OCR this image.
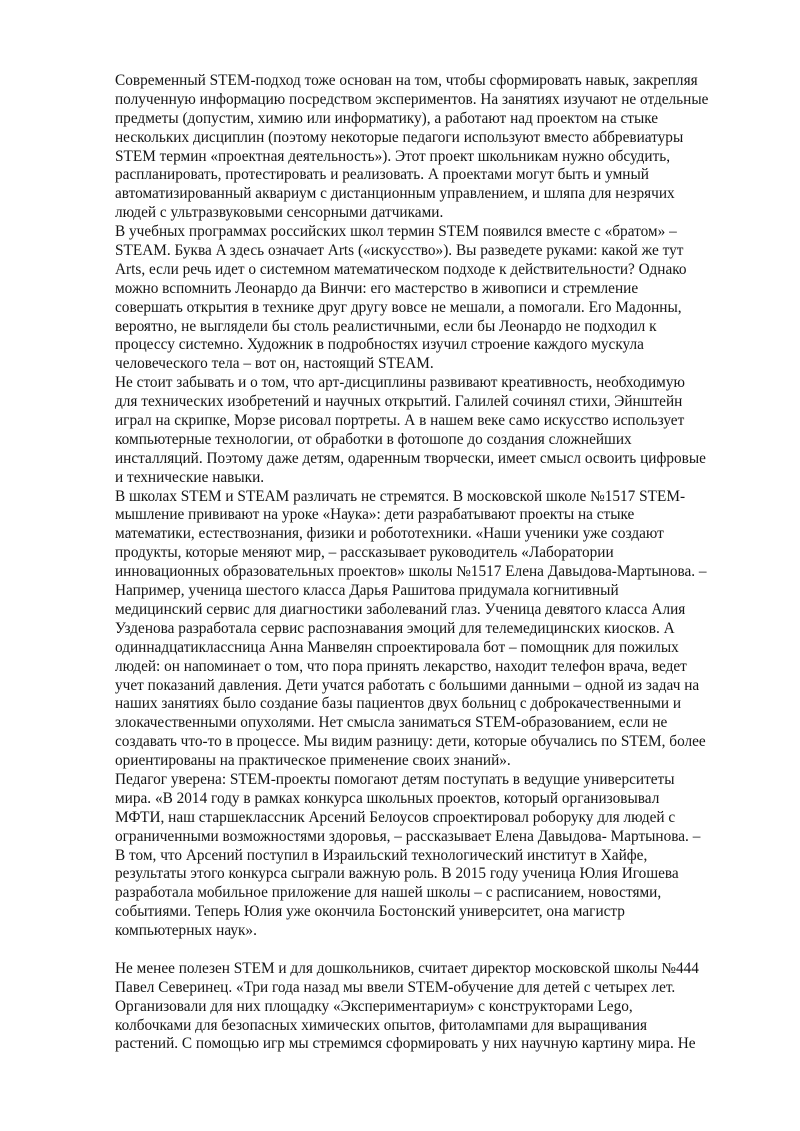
Современный STEM-подход тоже основан на том, чтобы сформировать навык, закрепляя
полученную информацию посредством экспериментов. На занятиях изучают не отдельные
предметы (допустим, химию или информатику), а работают над проектом на стыке
нескольких дисциплин (поэтому некоторые педагоги используют вместо аббревиатуры
STEM термин «проектная деятельность»). Этот проект школьникам нужно обсудить,
распланировать, протестировать и реализовать. А проектами могут быть и умный
автоматизированный аквариум с дистанционным управлением, и шляпа для незрячих
людей с ультразвуковыми сенсорными датчиками.
В учебных программах российских школ термин STEM появился вместе с «братом» –
STEAM. Буква A здесь означает Arts («искусство»). Вы разведете руками: какой же тут
Arts, если речь идет о системном математическом подходе к действительности? Однако
можно вспомнить Леонардо да Винчи: его мастерство в живописи и стремление
совершать открытия в технике друг другу вовсе не мешали, а помогали. Его Мадонны,
вероятно, не выглядели бы столь реалистичными, если бы Леонардо не подходил к
процессу системно. Художник в подробностях изучил строение каждого мускула
человеческого тела – вот он, настоящий STEAM.
Не стоит забывать и о том, что арт-дисциплины развивают креативность, необходимую
для технических изобретений и научных открытий. Галилей сочинял стихи, Эйнштейн
играл на скрипке, Морзе рисовал портреты. А в нашем веке само искусство использует
компьютерные технологии, от обработки в фотошопе до создания сложнейших
инсталляций. Поэтому даже детям, одаренным творчески, имеет смысл освоить цифровые
и технические навыки.
В школах STEM и STEAM различать не стремятся. В московской школе №1517 STEM-
мышление прививают на уроке «Наука»: дети разрабатывают проекты на стыке
математики, естествознания, физики и робототехники. «Наши ученики уже создают
продукты, которые меняют мир, – рассказывает руководитель «Лаборатории
инновационных образовательных проектов» школы №1517 Елена Давыдова-Мартынова. –
Например, ученица шестого класса Дарья Рашитова придумала когнитивный
медицинский сервис для диагностики заболеваний глаз. Ученица девятого класса Алия
Узденова разработала сервис распознавания эмоций для телемедицинских киосков. А
одиннадцатиклассница Анна Манвелян спроектировала бот – помощник для пожилых
людей: он напоминает о том, что пора принять лекарство, находит телефон врача, ведет
учет показаний давления. Дети учатся работать с большими данными – одной из задач на
наших занятиях было создание базы пациентов двух больниц с доброкачественными и
злокачественными опухолями. Нет смысла заниматься STEM-образованием, если не
создавать что-то в процессе. Мы видим разницу: дети, которые обучались по STEM, более
ориентированы на практическое применение своих знаний».
Педагог уверена: STEM-проекты помогают детям поступать в ведущие университеты
мира. «В 2014 году в рамках конкурса школьных проектов, который организовывал
МФТИ, наш старшеклассник Арсений Белоусов спроектировал роборуку для людей с
ограниченными возможностями здоровья, – рассказывает Елена Давыдова- Мартынова. –
В том, что Арсений поступил в Израильский технологический институт в Хайфе,
результаты этого конкурса сыграли важную роль. В 2015 году ученица Юлия Игошева
разработала мобильное приложение для нашей школы – с расписанием, новостями,
событиями. Теперь Юлия уже окончила Бостонский университет, она магистр
компьютерных наук».
Не менее полезен STEM и для дошкольников, считает директор московской школы №444
Павел Северинец. «Три года назад мы ввели STEM-обучение для детей с четырех лет.
Организовали для них площадку «Экспериментариум» с конструкторами Lego,
колбочками для безопасных химических опытов, фитолампами для выращивания
растений. С помощью игр мы стремимся сформировать у них научную картину мира. Не
